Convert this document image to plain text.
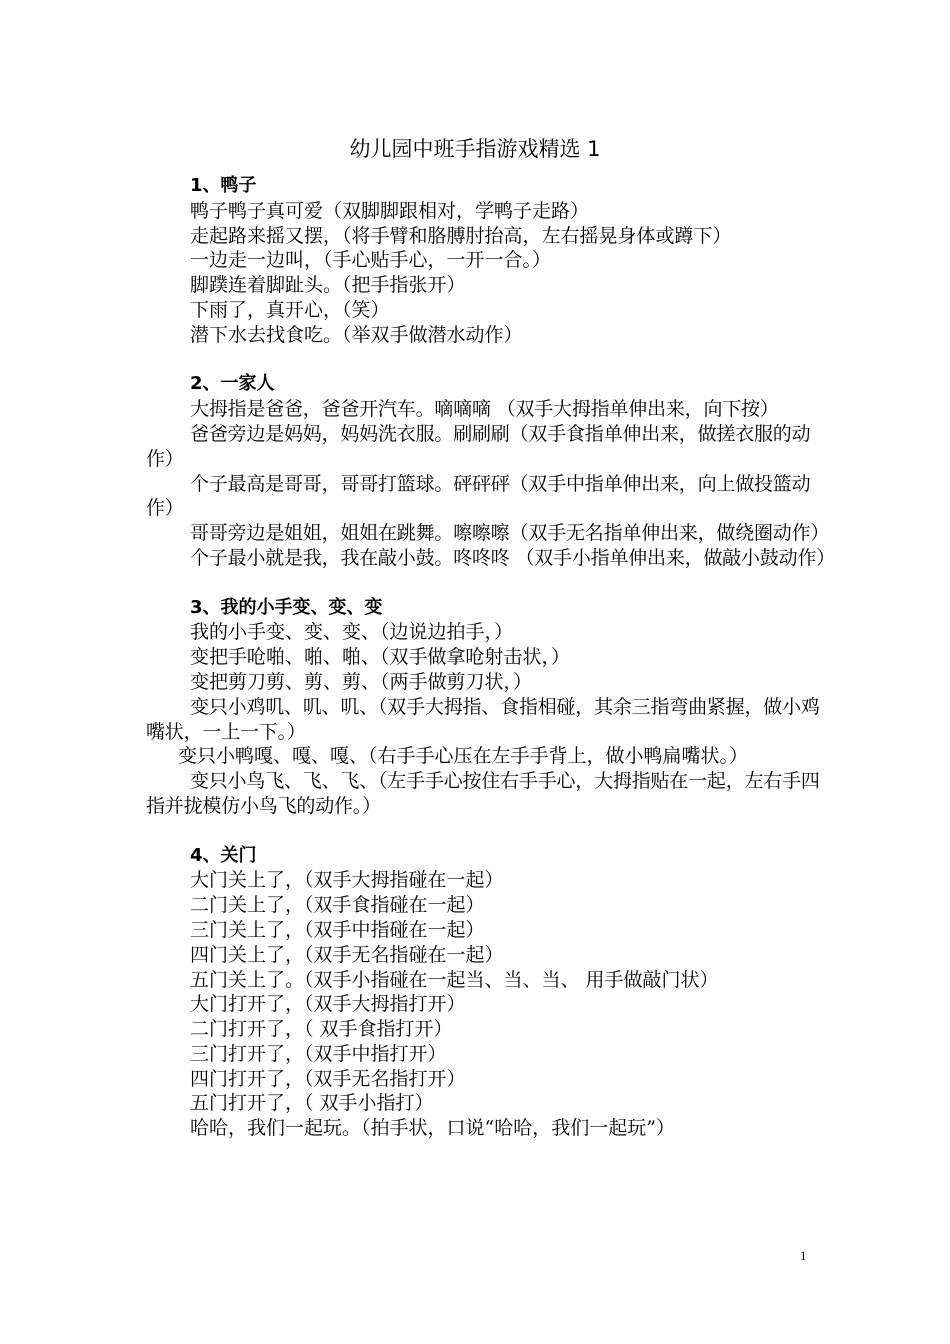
幼儿园中班手指游戏精选 1
1、鸭子
鸭子鸭子真可爱（双脚脚跟相对，学鸭子走路）
走起路来摇又摆，（将手臂和胳膊肘抬高，左右摇晃身体或蹲下）
一边走一边叫，（手心贴手心，一开一合。）
脚蹼连着脚趾头。（把手指张开）
下雨了，真开心，（笑）
潜下水去找食吃。（举双手做潜水动作）
2、一家人
大拇指是爸爸，爸爸开汽车。嘀嘀嘀 （双手大拇指单伸出来，向下按）
爸爸旁边是妈妈，妈妈洗衣服。刷刷刷（双手食指单伸出来，做搓衣服的动作）
个子最高是哥哥，哥哥打篮球。砰砰砰（双手中指单伸出来，向上做投篮动作）
哥哥旁边是姐姐，姐姐在跳舞。嚓嚓嚓（双手无名指单伸出来，做绕圈动作）
个子最小就是我，我在敲小鼓。咚咚咚 （双手小指单伸出来，做敲小鼓动作）
3、我的小手变、变、变
我的小手变、变、变、（边说边拍手，）
变把手呛啪、啪、啪、（双手做拿呛射击状，）
变把剪刀剪、剪、剪、（两手做剪刀状，）
变只小鸡叽、叽、叽、（双手大拇指、食指相碰，其余三指弯曲紧握，做小鸡嘴状，一上一下。）
变只小鸭嘎、嘎、嘎、（右手手心压在左手手背上，做小鸭扁嘴状。）
变只小鸟飞、飞、飞、（左手手心按住右手手心，大拇指贴在一起，左右手四指并拢模仿小鸟飞的动作。）
4、关门
大门关上了，（双手大拇指碰在一起）
二门关上了，（双手食指碰在一起）
三门关上了，（双手中指碰在一起）
四门关上了，（双手无名指碰在一起）
五门关上了。（双手小指碰在一起当、当、当、 用手做敲门状）
大门打开了，（双手大拇指打开）
二门打开了，（ 双手食指打开）
三门打开了，（双手中指打开）
四门打开了，（双手无名指打开）
五门打开了，（ 双手小指打）
哈哈，我们一起玩。（拍手状，口说“哈哈，我们一起玩”）
1
